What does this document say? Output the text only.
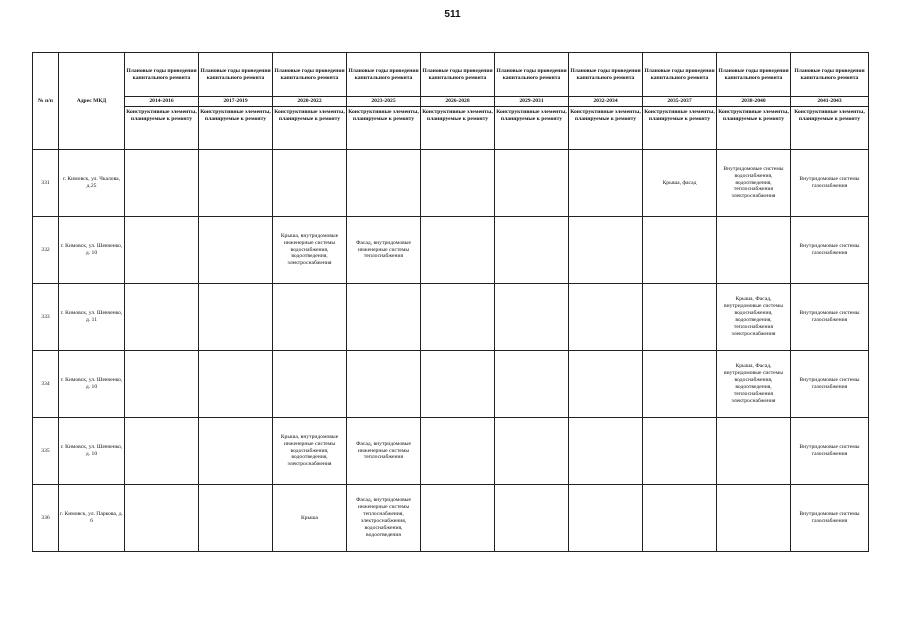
511
№ п/п	Адрес МКД	Плановые годы проведения капитального ремонта	Плановые годы проведения капитального ремонта	Плановые годы проведения капитального ремонта	Плановые годы проведения капитального ремонта	Плановые годы проведения капитального ремонта	Плановые годы проведения капитального ремонта	Плановые годы проведения капитального ремонта	Плановые годы проведения капитального ремонта	Плановые годы проведения капитального ремонта	Плановые годы проведения капитального ремонта
		2014-2016	2017-2019	2020-2022	2023-2025	2026-2028	2029-2031	2032-2034	2035-2037	2038-2040	2041-2043
		Конструктивные элементы, планируемые к ремонту	Конструктивные элементы, планируемые к ремонту	Конструктивные элементы, планируемые к ремонту	Конструктивные элементы, планируемые к ремонту	Конструктивные элементы, планируемые к ремонту	Конструктивные элементы, планируемые к ремонту	Конструктивные элементы, планируемые к ремонту	Конструктивные элементы, планируемые к ремонту	Конструктивные элементы, планируемые к ремонту	Конструктивные элементы, планируемые к ремонту
331	г. Кимовск, ул. Чкалова, д.25								Крыша, фасад	Внутридомовые системы водоснабжения, водоотведения, теплоснабжения электроснабжения	Внутридомовые системы газоснабжения
332	г. Кимовск, ул. Шевченко, д. 10			Крыша, внутридомовые инженерные системы водоснабжения, водоотведения, электроснабжения	Фасад, внутридомовые инженерные системы теплоснабжения						Внутридомовые системы газоснабжения
333	г. Кимовск, ул. Шевченко, д. 11									Крыша, Фасад, внутридомовые системы водоснабжения, водоотведения, теплоснабжения электроснабжения	Внутридомовые системы газоснабжения
334	г. Кимовск, ул. Шевченко, д. 10									Крыша, Фасад, внутридомовые системы водоснабжения, водоотведения, теплоснабжения электроснабжения	Внутридомовые системы газоснабжения
335	г. Кимовск, ул. Шевченко, д. 10			Крыша, внутридомовые инженерные системы водоснабжения, водоотведения, электроснабжения	Фасад, внутридомовые инженерные системы теплоснабжения						Внутридомовые системы газоснабжения
336	г. Кимовск, ул. Паркова, д. 6			Крыша	Фасад, внутридомовые инженерные системы теплоснабжения, электроснабжения, водоснабжения, водоотведения						Внутридомовые системы газоснабжения
